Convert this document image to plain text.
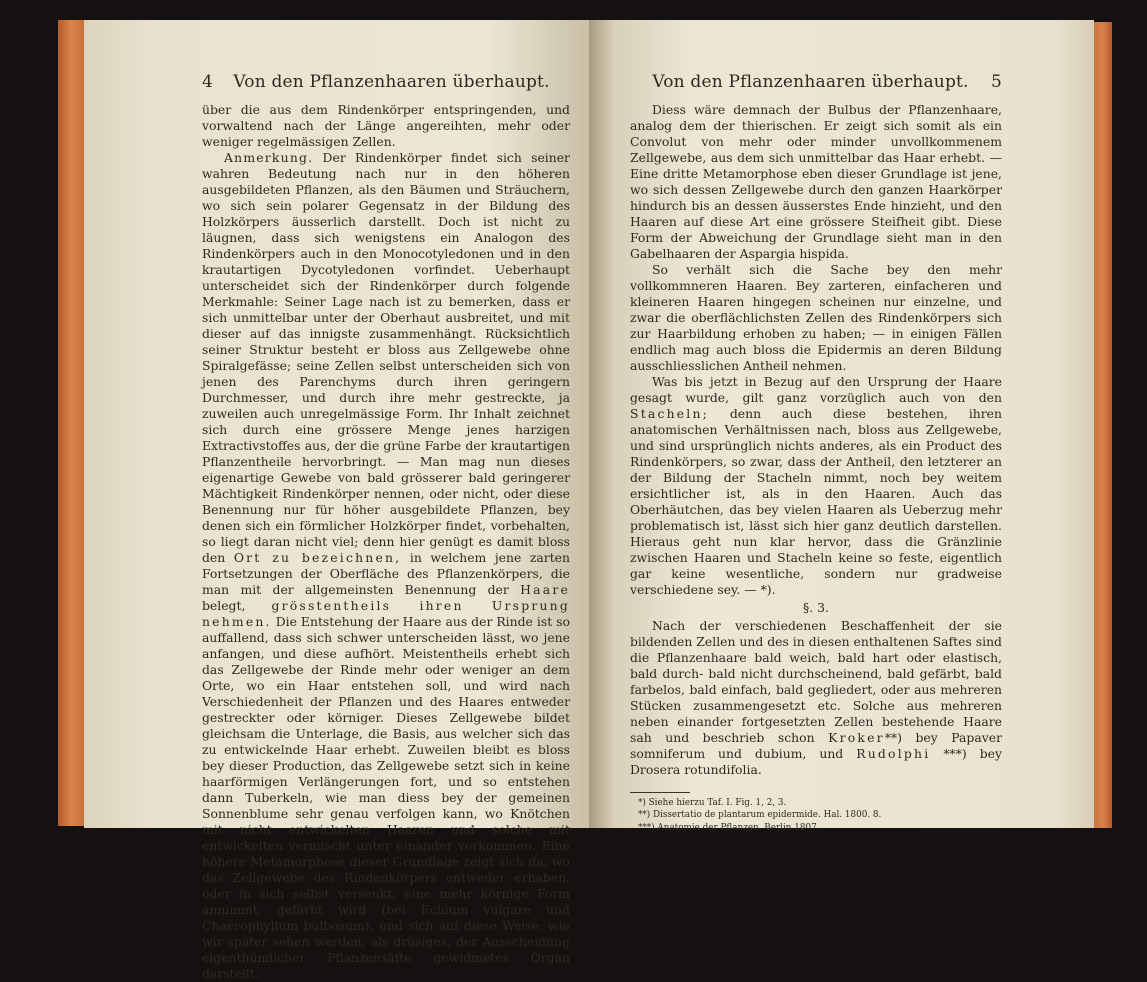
4	Von den Pflanzenhaaren überhaupt.

über die aus dem Rindenkörper entspringenden, und vorwaltend nach der Länge angereihten, mehr oder weniger regelmässigen Zellen.

Anmerkung. Der Rindenkörper findet sich seiner wahren Bedeutung nach nur in den höheren ausgebildeten Pflanzen, als den Bäumen und Sträuchern, wo sich sein polarer Gegensatz in der Bildung des Holzkörpers äusserlich darstellt. Doch ist nicht zu läugnen, dass sich wenigstens ein Analogon des Rindenkörpers auch in den Monocotyledonen und in den krautartigen Dycotyledonen vorfindet. Ueberhaupt unterscheidet sich der Rindenkörper durch folgende Merkmahle: Seiner Lage nach ist zu bemerken, dass er sich unmittelbar unter der Oberhaut ausbreitet, und mit dieser auf das innigste zusammenhängt. Rücksichtlich seiner Struktur besteht er bloss aus Zellgewebe ohne Spiralgefässe; seine Zellen selbst unterscheiden sich von jenen des Parenchyms durch ihren geringern Durchmesser, und durch ihre mehr gestreckte, ja zuweilen auch unregelmässige Form. Ihr Inhalt zeichnet sich durch eine grössere Menge jenes harzigen Extractivstoffes aus, der die grüne Farbe der krautartigen Pflanzentheile hervorbringt. — Man mag nun dieses eigenartige Gewebe von bald grösserer bald geringerer Mächtigkeit Rindenkörper nennen, oder nicht, oder diese Benennung nur für höher ausgebildete Pflanzen, bey denen sich ein förmlicher Holzkörper findet, vorbehalten, so liegt daran nicht viel; denn hier genügt es damit bloss den Ort zu bezeichnen, in welchem jene zarten Fortsetzungen der Oberfläche des Pflanzenkörpers, die man mit der allgemeinsten Benennung der Haare belegt, grösstentheils ihren Ursprung nehmen. Die Entstehung der Haare aus der Rinde ist so auffallend, dass sich schwer unterscheiden lässt, wo jene anfangen, und diese aufhört. Meistentheils erhebt sich das Zellgewebe der Rinde mehr oder weniger an dem Orte, wo ein Haar entstehen soll, und wird nach Verschiedenheit der Pflanzen und des Haares entweder gestreckter oder körniger. Dieses Zellgewebe bildet gleichsam die Unterlage, die Basis, aus welcher sich das zu entwickelnde Haar erhebt. Zuweilen bleibt es bloss bey dieser Production, das Zellgewebe setzt sich in keine haarförmigen Verlängerungen fort, und so entstehen dann Tuberkeln, wie man diess bey der gemeinen Sonnenblume sehr genau verfolgen kann, wo Knötchen mit nicht entwickelten Haaren und solche mit entwickelten vermischt unter einander vorkommen. Eine höhere Metamorphose dieser Grundlage zeigt sich da, wo das Zellgewebe des Rindenkörpers entweder erhaben, oder in sich selbst versenkt, eine mehr körnige Form annimmt, gefärbt wird (bei Echium vulgare und Chaerophyllum bulbosum), und sich auf diese Weise, wie wir später sehen werden, als drüsiges, der Ausscheidung eigenthümlicher Pflanzensäfte gewidmetes Organ darstellt.

Von den Pflanzenhaaren überhaupt.	5

Diess wäre demnach der Bulbus der Pflanzenhaare, analog dem der thierischen. Er zeigt sich somit als ein Convolut von mehr oder minder unvollkommenem Zellgewebe, aus dem sich unmittelbar das Haar erhebt. — Eine dritte Metamorphose eben dieser Grundlage ist jene, wo sich dessen Zellgewebe durch den ganzen Haarkörper hindurch bis an dessen äusserstes Ende hinzieht, und den Haaren auf diese Art eine grössere Steifheit gibt. Diese Form der Abweichung der Grundlage sieht man in den Gabelhaaren der Aspargia hispida.

So verhält sich die Sache bey den mehr vollkommneren Haaren. Bey zarteren, einfacheren und kleineren Haaren hingegen scheinen nur einzelne, und zwar die oberflächlichsten Zellen des Rindenkörpers sich zur Haarbildung erhoben zu haben; — in einigen Fällen endlich mag auch bloss die Epidermis an deren Bildung ausschliesslichen Antheil nehmen.

Was bis jetzt in Bezug auf den Ursprung der Haare gesagt wurde, gilt ganz vorzüglich auch von den Stacheln; denn auch diese bestehen, ihren anatomischen Verhältnissen nach, bloss aus Zellgewebe, und sind ursprünglich nichts anderes, als ein Product des Rindenkörpers, so zwar, dass der Antheil, den letzterer an der Bildung der Stacheln nimmt, noch bey weitem ersichtlicher ist, als in den Haaren. Auch das Oberhäutchen, das bey vielen Haaren als Ueberzug mehr problematisch ist, lässt sich hier ganz deutlich darstellen. Hieraus geht nun klar hervor, dass die Gränzlinie zwischen Haaren und Stacheln keine so feste, eigentlich gar keine wesentliche, sondern nur gradweise verschiedene sey. — *).

§. 3.

Nach der verschiedenen Beschaffenheit der sie bildenden Zellen und des in diesen enthaltenen Saftes sind die Pflanzenhaare bald weich, bald hart oder elastisch, bald durch- bald nicht durchscheinend, bald gefärbt, bald farbelos, bald einfach, bald gegliedert, oder aus mehreren Stücken zusammengesetzt etc. Solche aus mehreren neben einander fortgesetzten Zellen bestehende Haare sah und beschrieb schon Kroker**) bey Papaver somniferum und dubium, und Rudolphi ***) bey Drosera rotundifolia.

*) Siehe hierzu Taf. I. Fig. 1, 2, 3.
**) Dissertatio de plantarum epidermide. Hal. 1800. 8.
***) Anatomie der Pflanzen. Berlin 1807.
